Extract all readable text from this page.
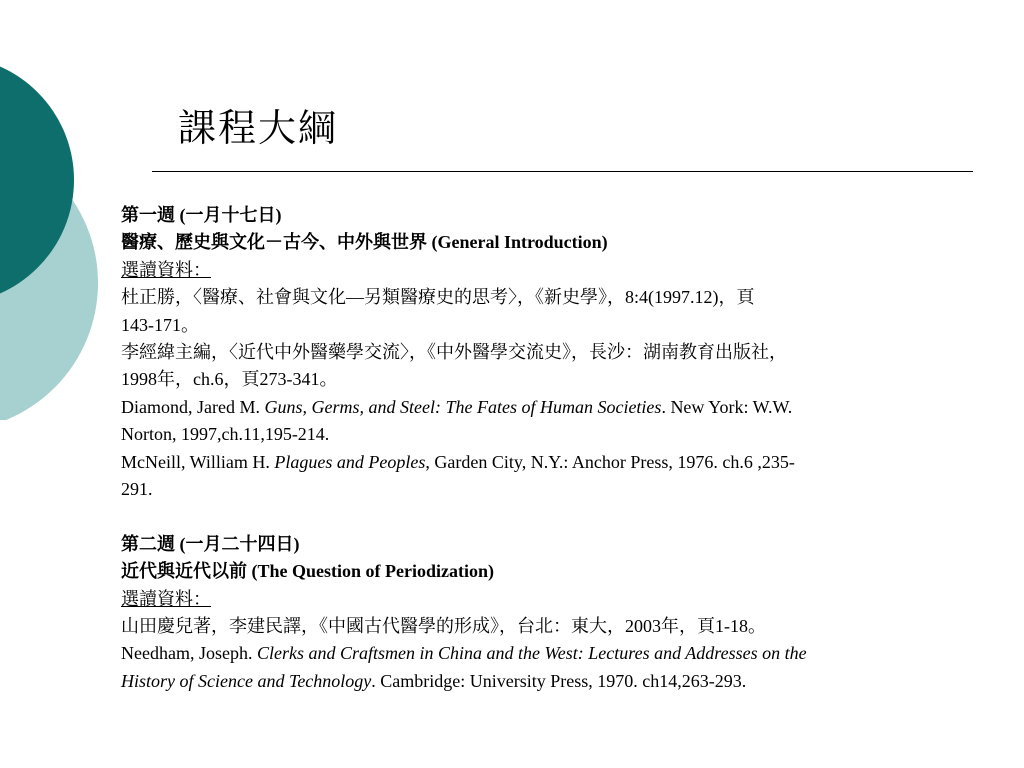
課程大綱
第一週 (一月十七日)
醫療、歷史與文化－古今、中外與世界 (General Introduction)
選讀資料：
杜正勝，〈醫療、社會與文化—另類醫療史的思考〉，《新史學》，8:4(1997.12)，頁
143-171。
李經緯主編，〈近代中外醫藥學交流〉，《中外醫學交流史》，長沙：湖南教育出版社，
1998年，ch.6，頁273-341。
Diamond, Jared M. Guns, Germs, and Steel: The Fates of Human Societies. New York: W.W.
Norton, 1997,ch.11,195-214.
McNeill, William H. Plagues and Peoples, Garden City, N.Y.: Anchor Press, 1976. ch.6 ,235-
291.
第二週 (一月二十四日)
近代與近代以前 (The Question of Periodization)
選讀資料：
山田慶兒著，李建民譯，《中國古代醫學的形成》，台北：東大，2003年，頁1-18。
Needham, Joseph. Clerks and Craftsmen in China and the West: Lectures and Addresses on the
History of Science and Technology. Cambridge: University Press, 1970. ch14,263-293.
